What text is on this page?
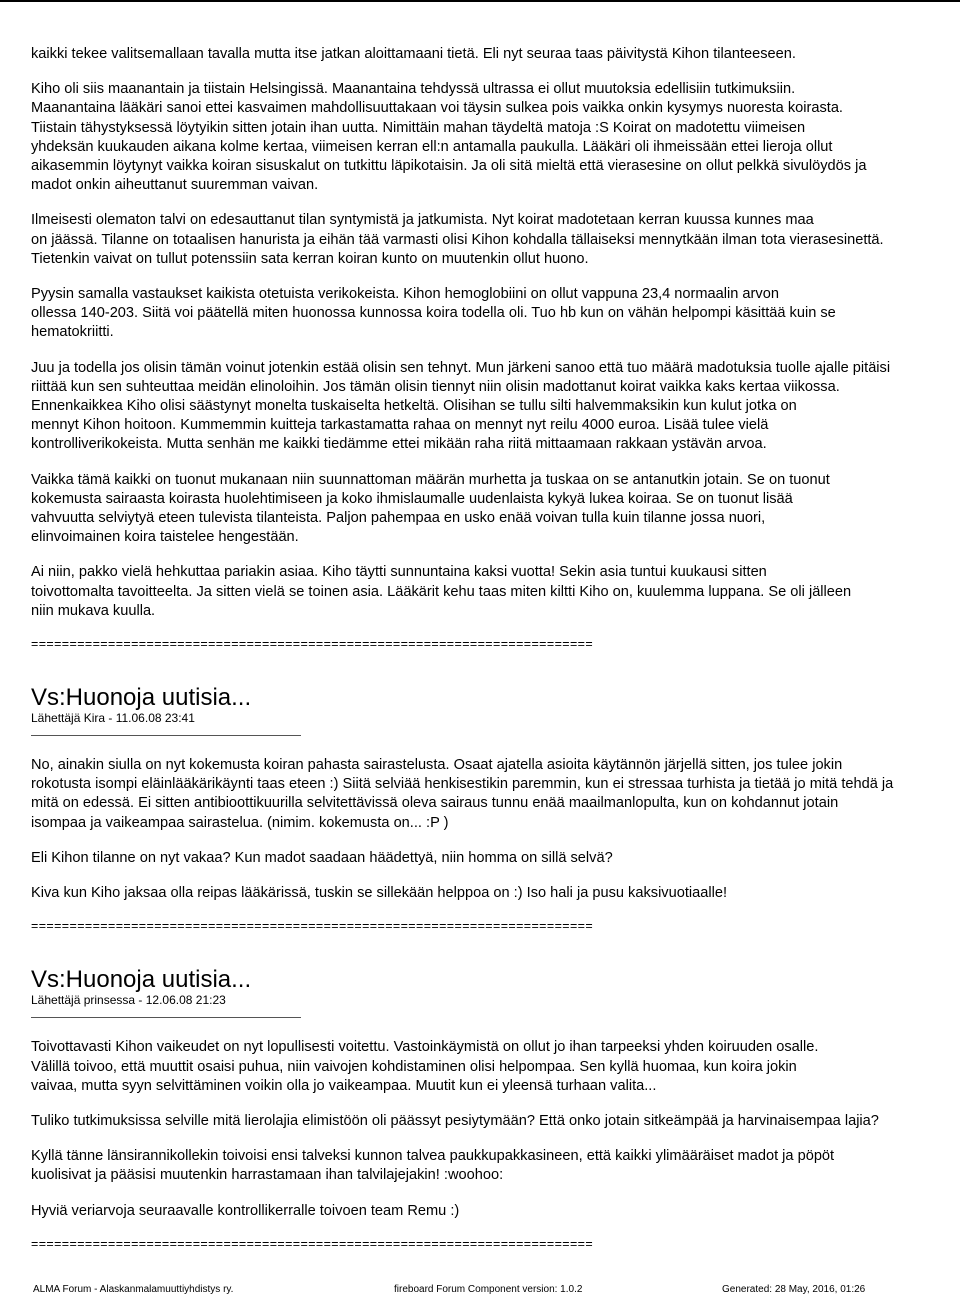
kaikki tekee valitsemallaan tavalla mutta itse jatkan aloittamaani tietä. Eli nyt seuraa taas päivitystä Kihon tilanteeseen.

Kiho oli siis maanantain ja tiistain Helsingissä. Maanantaina tehdyssä ultrassa ei ollut muutoksia edellisiin tutkimuksiin.
Maanantaina lääkäri sanoi ettei kasvaimen mahdollisuuttakaan voi täysin sulkea pois vaikka onkin kysymys nuoresta koirasta.
Tiistain tähystyksessä löytyikin sitten jotain ihan uutta. Nimittäin mahan täydeltä matoja :S Koirat on madotettu viimeisen
yhdeksän kuukauden aikana kolme kertaa, viimeisen kerran ell:n antamalla paukulla. Lääkäri oli ihmeissään ettei lieroja ollut
aikasemmin löytynyt vaikka koiran sisuskalut on tutkittu läpikotaisin. Ja oli sitä mieltä että vierasesine on ollut pelkkä sivulöydös ja
madot onkin aiheuttanut suuremman vaivan.

Ilmeisesti olematon talvi on edesauttanut tilan syntymistä ja jatkumista. Nyt koirat madotetaan kerran kuussa kunnes maa
on jäässä. Tilanne on totaalisen hanurista ja eihän tää varmasti olisi Kihon kohdalla tällaiseksi mennytkään ilman tota vierasesinettä.
Tietenkin vaivat on tullut potenssiin sata kerran koiran kunto on muutenkin ollut huono.

Pyysin samalla vastaukset kaikista otetuista verikokeista. Kihon hemoglobiini on ollut vappuna 23,4 normaalin arvon
ollessa 140-203. Siitä voi päätellä miten huonossa kunnossa koira todella oli. Tuo hb kun on vähän helpompi käsittää kuin se
hematokriitti.

Juu ja todella jos olisin tämän voinut jotenkin estää olisin sen tehnyt. Mun järkeni sanoo että tuo määrä madotuksia tuolle ajalle pitäisi
riittää kun sen suhteuttaa meidän elinoloihin. Jos tämän olisin tiennyt niin olisin madottanut koirat vaikka kaks kertaa viikossa.
Ennenkaikkea Kiho olisi säästynyt monelta tuskaiselta hetkeltä. Olisihan se tullu silti halvemmaksikin kun kulut jotka on
mennyt Kihon hoitoon. Kummemmin kuitteja tarkastamatta rahaa on mennyt nyt reilu 4000 euroa. Lisää tulee vielä
kontrolliverikokeista. Mutta senhän me kaikki tiedämme ettei mikään raha riitä mittaamaan rakkaan ystävän arvoa.

Vaikka tämä kaikki on tuonut mukanaan niin suunnattoman määrän murhetta ja tuskaa on se antanutkin jotain. Se on tuonut
kokemusta sairaasta koirasta huolehtimiseen ja koko ihmislaumalle uudenlaista kykyä lukea koiraa. Se on tuonut lisää
vahvuutta selviytyä eteen tulevista tilanteista. Paljon pahempaa en usko enää voivan tulla kuin tilanne jossa nuori,
elinvoimainen koira taistelee hengestään.

Ai niin, pakko vielä hehkuttaa pariakin asiaa. Kiho täytti sunnuntaina kaksi vuotta! Sekin asia tuntui kuukausi sitten
toivottomalta tavoitteelta. Ja sitten vielä se toinen asia. Lääkärit kehu taas miten kiltti Kiho on, kuulemma luppana. Se oli jälleen
niin mukava kuulla.

=========================================================================

Vs:Huonoja uutisia...

Lähettäjä Kira - 11.06.08 23:41

No, ainakin siulla on nyt kokemusta koiran pahasta sairastelusta. Osaat ajatella asioita käytännön järjellä sitten, jos tulee jokin
rokotusta isompi eläinlääkärikäynti taas eteen :) Siitä selviää henkisestikin paremmin, kun ei stressaa turhista ja tietää jo mitä tehdä ja
mitä on edessä. Ei sitten antibioottikuurilla selvitettävissä oleva sairaus tunnu enää maailmanlopulta, kun on kohdannut jotain
isompaa ja vaikeampaa sairastelua. (nimim. kokemusta on... :P )

Eli Kihon tilanne on nyt vakaa? Kun madot saadaan häädettyä, niin homma on sillä selvä?

Kiva kun Kiho jaksaa olla reipas lääkärissä, tuskin se sillekään helppoa on :) Iso hali ja pusu kaksivuotiaalle!

=========================================================================

Vs:Huonoja uutisia...

Lähettäjä prinsessa - 12.06.08 21:23

Toivottavasti Kihon vaikeudet on nyt lopullisesti voitettu. Vastoinkäymistä on ollut jo ihan tarpeeksi yhden koiruuden osalle.
Välillä toivoo, että muuttit osaisi puhua, niin vaivojen kohdistaminen olisi helpompaa. Sen kyllä huomaa, kun koira jokin
vaivaa, mutta syyn selvittäminen voikin olla jo vaikeampaa. Muutit kun ei yleensä turhaan valita...

Tuliko tutkimuksissa selville mitä lierolajia elimistöön oli päässyt pesiytymään? Että onko jotain sitkeämpää ja harvinaisempaa lajia?

Kyllä tänne länsirannikollekin toivoisi ensi talveksi kunnon talvea paukkupakkasineen, että kaikki ylimääräiset madot ja pöpöt
kuolisivat ja pääsisi muutenkin harrastamaan ihan talvilajejakin! :woohoo:

Hyviä veriarvoja seuraavalle kontrollikerralle toivoen team Remu :)

=========================================================================

ALMA Forum - Alaskanmalamuuttiyhdistys ry.	fireboard Forum Component version: 1.0.2	Generated: 28 May, 2016, 01:26
